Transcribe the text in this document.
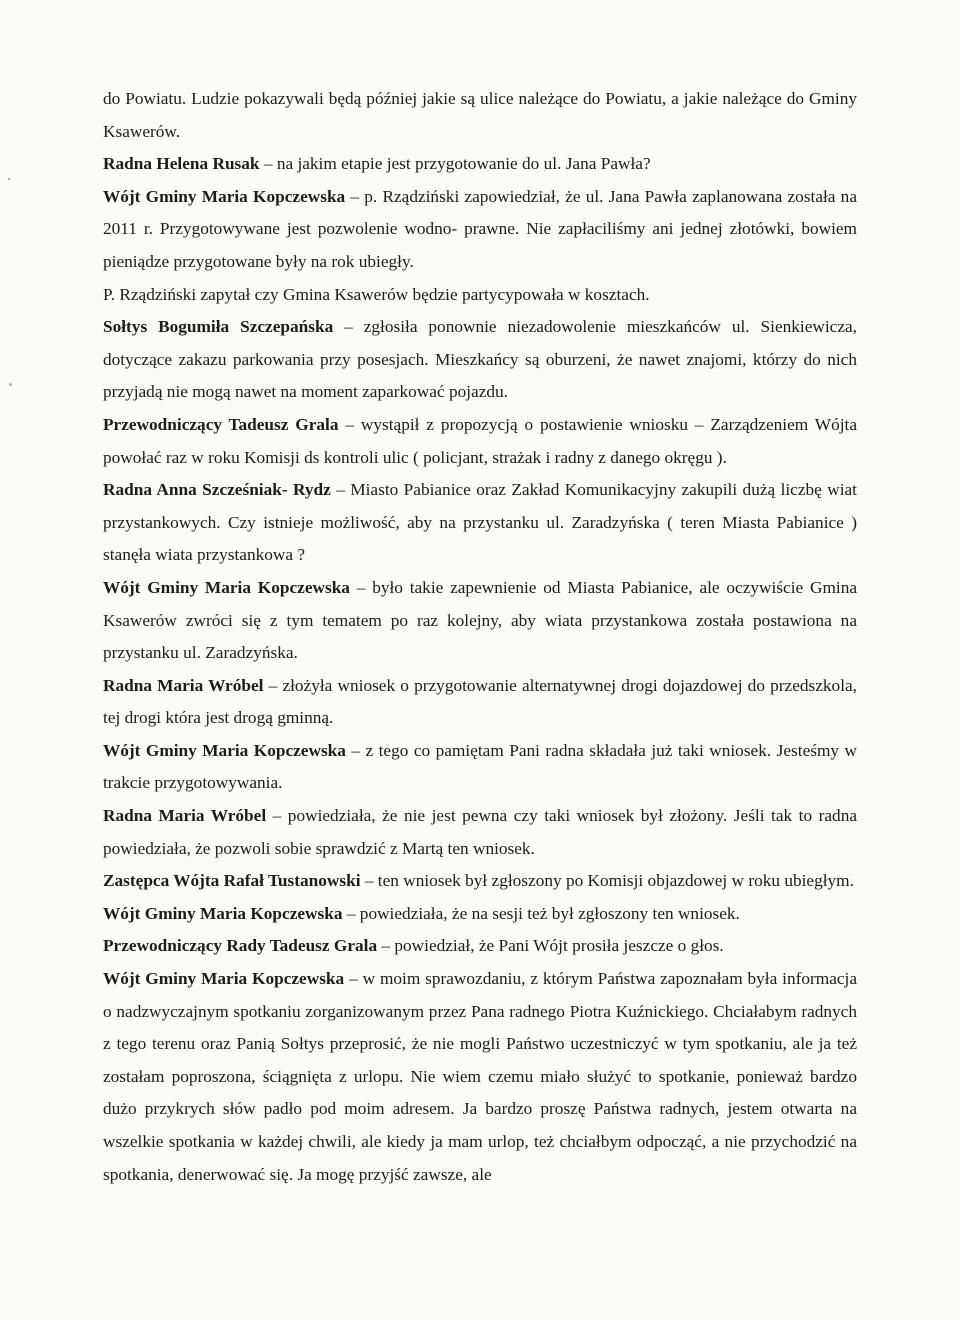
do Powiatu. Ludzie pokazywali będą później jakie są ulice należące do Powiatu, a jakie należące do Gminy Ksawerów.

Radna Helena Rusak – na jakim etapie jest przygotowanie do ul. Jana Pawła?

Wójt Gminy Maria Kopczewska – p. Rządziński zapowiedział, że ul. Jana Pawła zaplanowana została na 2011 r. Przygotowywane jest pozwolenie wodno- prawne. Nie zapłaciliśmy ani jednej złotówki, bowiem pieniądze przygotowane były na rok ubiegły.

P. Rządziński zapytał czy Gmina Ksawerów będzie partycypowała w kosztach.

Sołtys Bogumiła Szczepańska – zgłosiła ponownie niezadowolenie mieszkańców ul. Sienkiewicza, dotyczące zakazu parkowania przy posesjach. Mieszkańcy są oburzeni, że nawet znajomi, którzy do nich przyjadą nie mogą nawet na moment zaparkować pojazdu.

Przewodniczący Tadeusz Grala – wystąpił z propozycją o postawienie wniosku – Zarządzeniem Wójta powołać raz w roku Komisji ds kontroli ulic ( policjant, strażak i radny z danego okręgu ).

Radna Anna Szcześniak- Rydz – Miasto Pabianice oraz Zakład Komunikacyjny zakupili dużą liczbę wiat przystankowych. Czy istnieje możliwość, aby na przystanku ul. Zaradzyńska ( teren Miasta Pabianice ) stanęła wiata przystankowa ?

Wójt Gminy Maria Kopczewska – było takie zapewnienie od Miasta Pabianice, ale oczywiście Gmina Ksawerów zwróci się z tym tematem po raz kolejny, aby wiata przystankowa została postawiona na przystanku ul. Zaradzyńska.

Radna Maria Wróbel – złożyła wniosek o przygotowanie alternatywnej drogi dojazdowej do przedszkola, tej drogi która jest drogą gminną.

Wójt Gminy Maria Kopczewska – z tego co pamiętam Pani radna składała już taki wniosek. Jesteśmy w trakcie przygotowywania.

Radna Maria Wróbel – powiedziała, że nie jest pewna czy taki wniosek był złożony. Jeśli tak to radna powiedziała, że pozwoli sobie sprawdzić z Martą ten wniosek.

Zastępca Wójta Rafał Tustanowski – ten wniosek był zgłoszony po Komisji objazdowej w roku ubiegłym.

Wójt Gminy Maria Kopczewska – powiedziała, że na sesji też był zgłoszony ten wniosek.

Przewodniczący Rady Tadeusz Grala – powiedział, że Pani Wójt prosiła jeszcze o głos.

Wójt Gminy Maria Kopczewska – w moim sprawozdaniu, z którym Państwa zapoznałam była informacja o nadzwyczajnym spotkaniu zorganizowanym przez Pana radnego Piotra Kuźnickiego. Chciałabym radnych z tego terenu oraz Panią Sołtys przeprosić, że nie mogli Państwo uczestniczyć w tym spotkaniu, ale ja też zostałam poproszona, ściągnięta z urlopu. Nie wiem czemu miało służyć to spotkanie, ponieważ bardzo dużo przykrych słów padło pod moim adresem. Ja bardzo proszę Państwa radnych, jestem otwarta na wszelkie spotkania w każdej chwili, ale kiedy ja mam urlop, też chciałbym odpocząć, a nie przychodzić na spotkania, denerwować się. Ja mogę przyjść zawsze, ale
